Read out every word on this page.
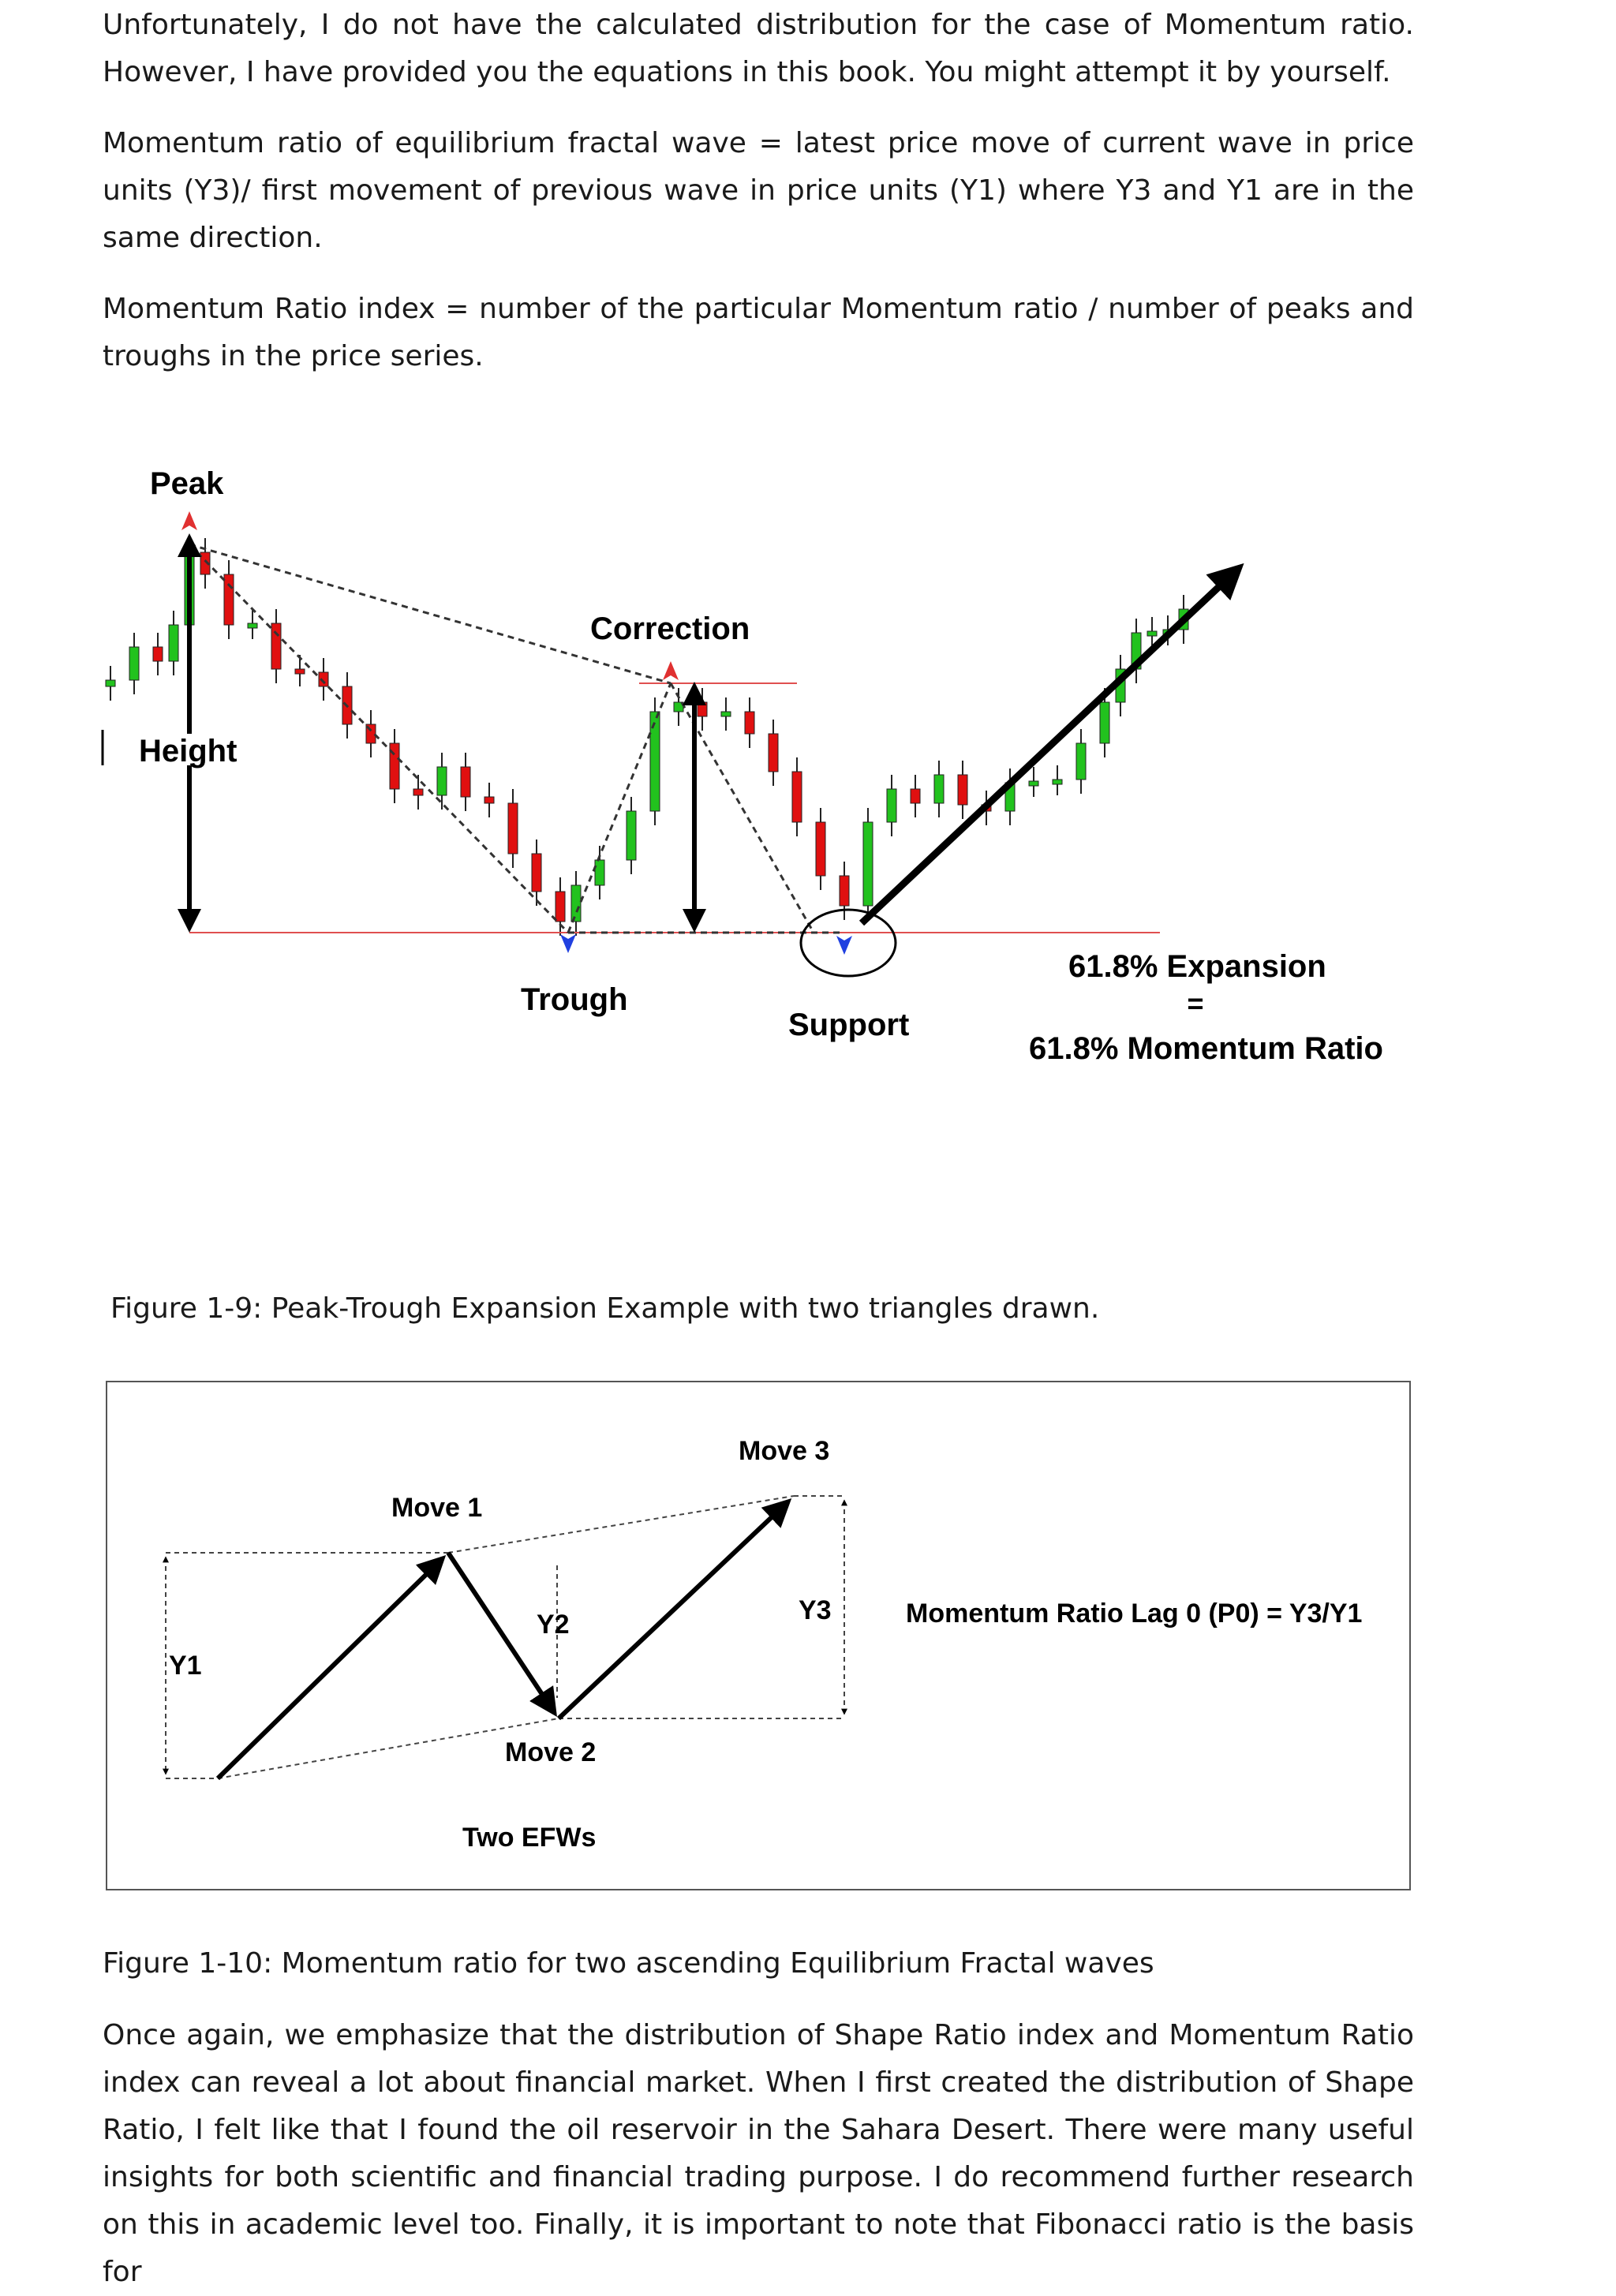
Unfortunately, I do not have the calculated distribution for the case of Momentum ratio. However, I have provided you the equations in this book. You might attempt it by yourself.

Momentum ratio of equilibrium fractal wave = latest price move of current wave in price units (Y3)/ first movement of previous wave in price units (Y1) where Y3 and Y1 are in the same direction.

Momentum Ratio index = number of the particular Momentum ratio / number of peaks and troughs in the price series.

Peak
Height
Correction
Trough
Support
61.8% Expansion
=
61.8% Momentum Ratio

Figure 1-9: Peak-Trough Expansion Example with two triangles drawn.

Move 1
Move 2
Move 3
Y1
Y2	Y3	Momentum Ratio Lag 0 (P0) = Y3/Y1
Two EFWs

Figure 1-10: Momentum ratio for two ascending Equilibrium Fractal waves

Once again, we emphasize that the distribution of Shape Ratio index and Momentum Ratio index can reveal a lot about financial market. When I first created the distribution of Shape Ratio, I felt like that I found the oil reservoir in the Sahara Desert. There were many useful insights for both scientific and financial trading purpose. I do recommend further research on this in academic level too. Finally, it is important to note that Fibonacci ratio is the basis for
